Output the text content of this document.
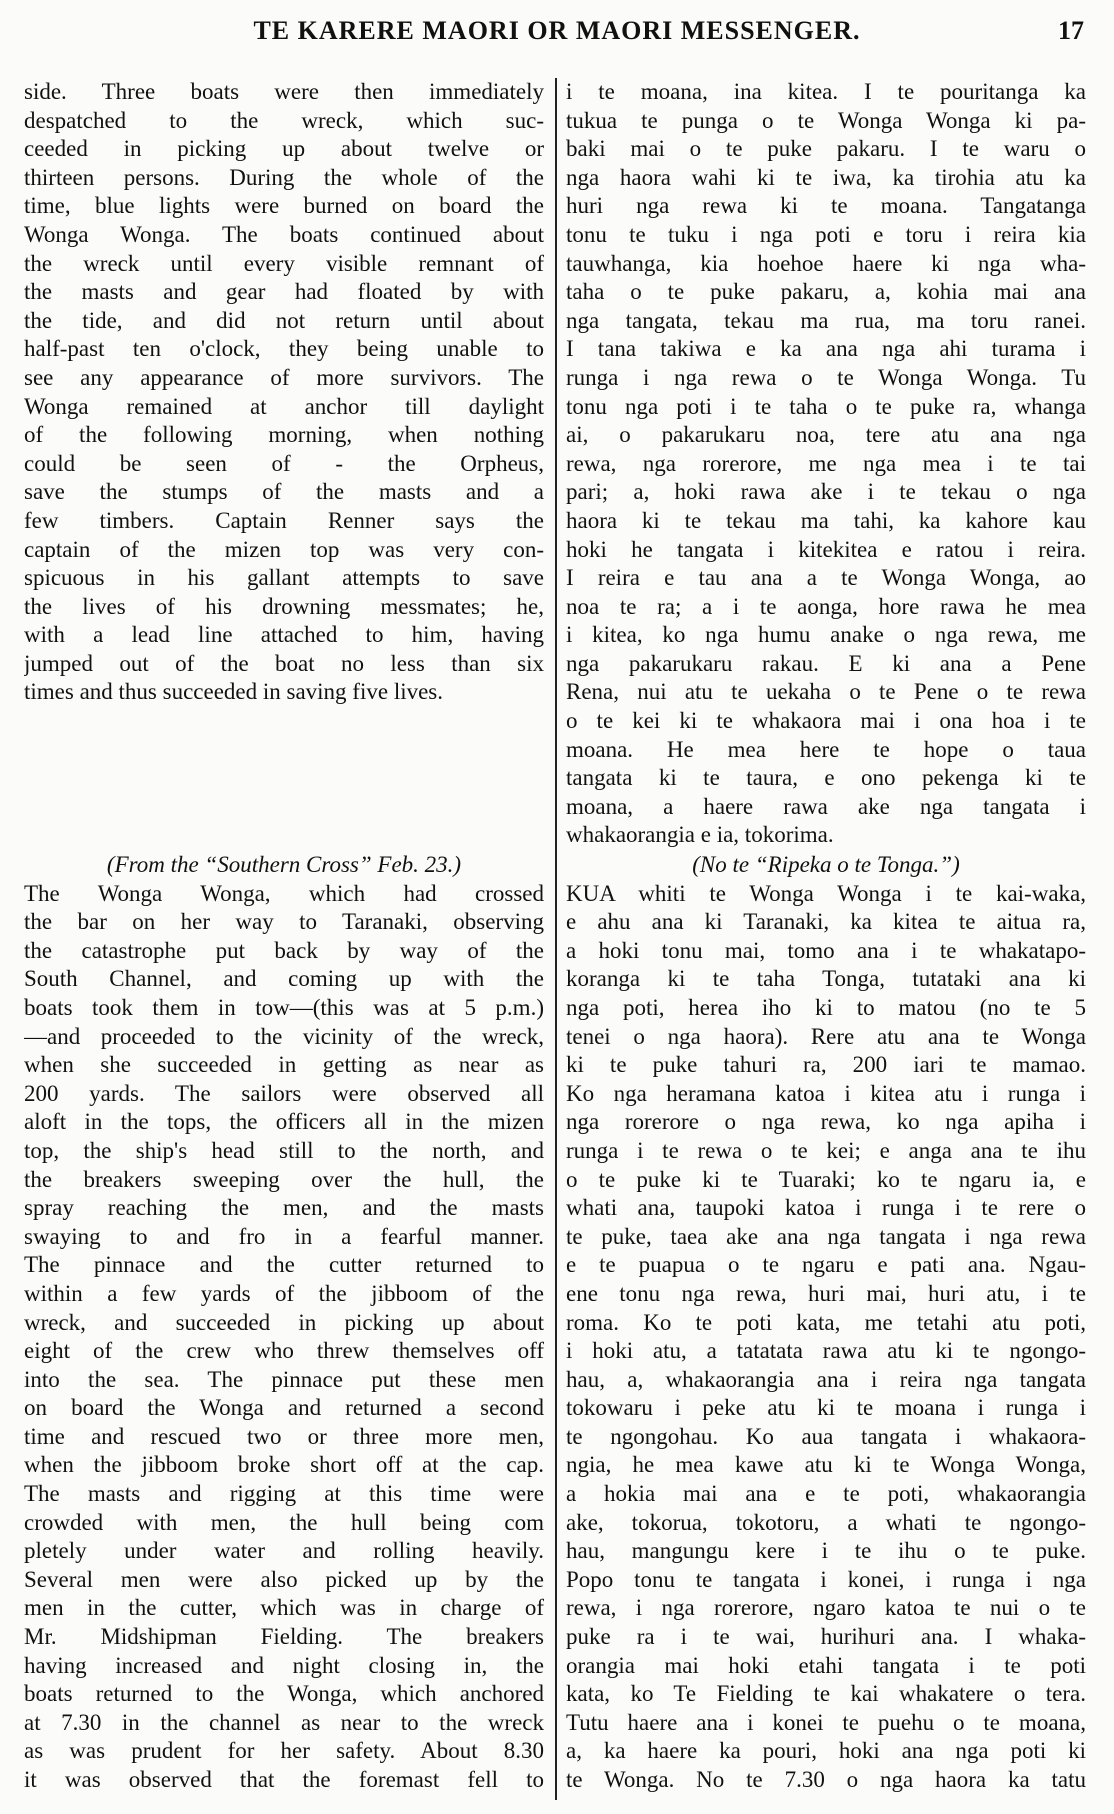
TE KARERE MAORI OR MAORI MESSENGER.	17
side. Three boats were then immediately
despatched to the wreck, which suc-
ceeded in picking up about twelve or
thirteen persons. During the whole of the
time, blue lights were burned on board the
Wonga Wonga. The boats continued about
the wreck until every visible remnant of
the masts and gear had floated by with
the tide, and did not return until about
half-past ten o'clock, they being unable to
see any appearance of more survivors. The
Wonga remained at anchor till daylight
of the following morning, when nothing
could be seen of - the Orpheus,
save the stumps of the masts and a
few timbers. Captain Renner says the
captain of the mizen top was very con-
spicuous in his gallant attempts to save
the lives of his drowning messmates; he,
with a lead line attached to him, having
jumped out of the boat no less than six
times and thus succeeded in saving five lives.
(From the “Southern Cross” Feb. 23.)
The Wonga Wonga, which had crossed
the bar on her way to Taranaki, observing
the catastrophe put back by way of the
South Channel, and coming up with the
boats took them in tow—(this was at 5 p.m.)
—and proceeded to the vicinity of the wreck,
when she succeeded in getting as near as
200 yards. The sailors were observed all
aloft in the tops, the officers all in the mizen
top, the ship's head still to the north, and
the breakers sweeping over the hull, the
spray reaching the men, and the masts
swaying to and fro in a fearful manner.
The pinnace and the cutter returned to
within a few yards of the jibboom of the
wreck, and succeeded in picking up about
eight of the crew who threw themselves off
into the sea. The pinnace put these men
on board the Wonga and returned a second
time and rescued two or three more men,
when the jibboom broke short off at the cap.
The masts and rigging at this time were
crowded with men, the hull being com
pletely under water and rolling heavily.
Several men were also picked up by the
men in the cutter, which was in charge of
Mr. Midshipman Fielding. The breakers
having increased and night closing in, the
boats returned to the Wonga, which anchored
at 7.30 in the channel as near to the wreck
as was prudent for her safety. About 8.30
it was observed that the foremast fell to
i te moana, ina kitea. I te pouritanga ka
tukua te punga o te Wonga Wonga ki pa-
baki mai o te puke pakaru. I te waru o
nga haora wahi ki te iwa, ka tirohia atu ka
huri nga rewa ki te moana. Tangatanga
tonu te tuku i nga poti e toru i reira kia
tauwhanga, kia hoehoe haere ki nga wha-
taha o te puke pakaru, a, kohia mai ana
nga tangata, tekau ma rua, ma toru ranei.
I tana takiwa e ka ana nga ahi turama i
runga i nga rewa o te Wonga Wonga. Tu
tonu nga poti i te taha o te puke ra, whanga
ai, o pakarukaru noa, tere atu ana nga
rewa, nga rorerore, me nga mea i te tai
pari; a, hoki rawa ake i te tekau o nga
haora ki te tekau ma tahi, ka kahore kau
hoki he tangata i kitekitea e ratou i reira.
I reira e tau ana a te Wonga Wonga, ao
noa te ra; a i te aonga, hore rawa he mea
i kitea, ko nga humu anake o nga rewa, me
nga pakarukaru rakau. E ki ana a Pene
Rena, nui atu te uekaha o te Pene o te rewa
o te kei ki te whakaora mai i ona hoa i te
moana. He mea here te hope o taua
tangata ki te taura, e ono pekenga ki te
moana, a haere rawa ake nga tangata i
whakaorangia e ia, tokorima.
(No te “Ripeka o te Tonga.”)
KUA whiti te Wonga Wonga i te kai-waka,
e ahu ana ki Taranaki, ka kitea te aitua ra,
a hoki tonu mai, tomo ana i te whakatapo-
koranga ki te taha Tonga, tutataki ana ki
nga poti, herea iho ki to matou (no te 5
tenei o nga haora). Rere atu ana te Wonga
ki te puke tahuri ra, 200 iari te mamao.
Ko nga heramana katoa i kitea atu i runga i
nga rorerore o nga rewa, ko nga apiha i
runga i te rewa o te kei; e anga ana te ihu
o te puke ki te Tuaraki; ko te ngaru ia, e
whati ana, taupoki katoa i runga i te rere o
te puke, taea ake ana nga tangata i nga rewa
e te puapua o te ngaru e pati ana. Ngau-
ene tonu nga rewa, huri mai, huri atu, i te
roma. Ko te poti kata, me tetahi atu poti,
i hoki atu, a tatatata rawa atu ki te ngongo-
hau, a, whakaorangia ana i reira nga tangata
tokowaru i peke atu ki te moana i runga i
te ngongohau. Ko aua tangata i whakaora-
ngia, he mea kawe atu ki te Wonga Wonga,
a hokia mai ana e te poti, whakaorangia
ake, tokorua, tokotoru, a whati te ngongo-
hau, mangungu kere i te ihu o te puke.
Popo tonu te tangata i konei, i runga i nga
rewa, i nga rorerore, ngaro katoa te nui o te
puke ra i te wai, hurihuri ana. I whaka-
orangia mai hoki etahi tangata i te poti
kata, ko Te Fielding te kai whakatere o tera.
Tutu haere ana i konei te puehu o te moana,
a, ka haere ka pouri, hoki ana nga poti ki
te Wonga. No te 7.30 o nga haora ka tatu
